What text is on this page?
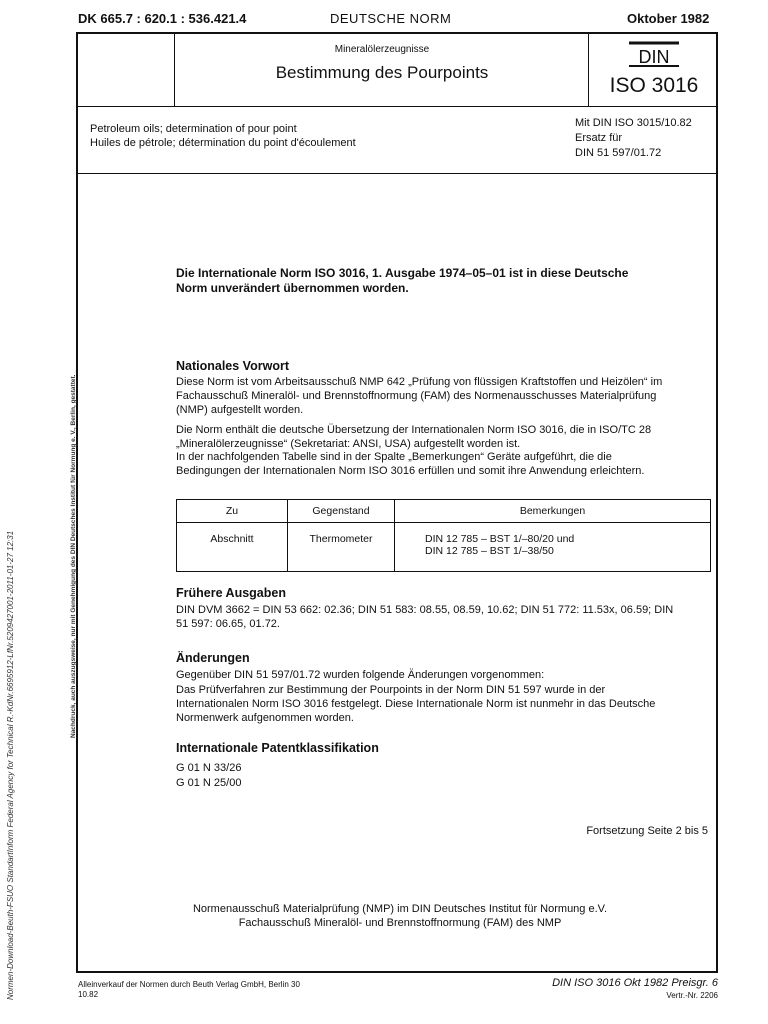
DK 665.7 : 620.1 : 536.421.4	DEUTSCHE NORM	Oktober 1982
Mineralölerzeugnisse
Bestimmung des Pourpoints
DIN
ISO 3016
Petroleum oils; determination of pour point
Huiles de pétrole; détermination du point d'écoulement
Mit DIN ISO 3015/10.82
Ersatz für
DIN 51 597/01.72
Die Internationale Norm ISO 3016, 1. Ausgabe 1974–05–01 ist in diese Deutsche Norm unverändert übernommen worden.
Nationales Vorwort
Diese Norm ist vom Arbeitsausschuß NMP 642 „Prüfung von flüssigen Kraftstoffen und Heizölen“ im Fachausschuß Mineralöl- und Brennstoffnormung (FAM) des Normenausschusses Materialprüfung (NMP) aufgestellt worden.
Die Norm enthält die deutsche Übersetzung der Internationalen Norm ISO 3016, die in ISO/TC 28 „Mineralölerzeugnisse“ (Sekretariat: ANSI, USA) aufgestellt worden ist.
In der nachfolgenden Tabelle sind in der Spalte „Bemerkungen“ Geräte aufgeführt, die die Bedingungen der Internationalen Norm ISO 3016 erfüllen und somit ihre Anwendung erleichtern.
Zu	Gegenstand	Bemerkungen
Abschnitt	Thermometer	DIN 12 785 – BST 1/–80/20 und
DIN 12 785 – BST 1/–38/50
Frühere Ausgaben
DIN DVM 3662 = DIN 53 662: 02.36; DIN 51 583: 08.55, 08.59, 10.62; DIN 51 772: 11.53x, 06.59; DIN 51 597: 06.65, 01.72.
Änderungen
Gegenüber DIN 51 597/01.72 wurden folgende Änderungen vorgenommen:
Das Prüfverfahren zur Bestimmung der Pourpoints in der Norm DIN 51 597 wurde in der Internationalen Norm ISO 3016 festgelegt. Diese Internationale Norm ist nunmehr in das Deutsche Normenwerk aufgenommen worden.
Internationale Patentklassifikation
G 01 N 33/26
G 01 N 25/00
Fortsetzung Seite 2 bis 5
Normenausschuß Materialprüfung (NMP) im DIN Deutsches Institut für Normung e.V.
Fachausschuß Mineralöl- und Brennstoffnormung (FAM) des NMP
Alleinverkauf der Normen durch Beuth Verlag GmbH, Berlin 30
10.82
DIN ISO 3016 Okt 1982 Preisgr. 6
Vertr.-Nr. 2206
Normen-Download-Beuth-FSUO StandartInform Federal Agency for Technical R.-KdNr.6695912-LfNr.5209427001-2011-01-27 12:31	Nachdruck, auch auszugsweise, nur mit Genehmigung des DIN Deutsches Institut für Normung e. V., Berlin, gestattet.
